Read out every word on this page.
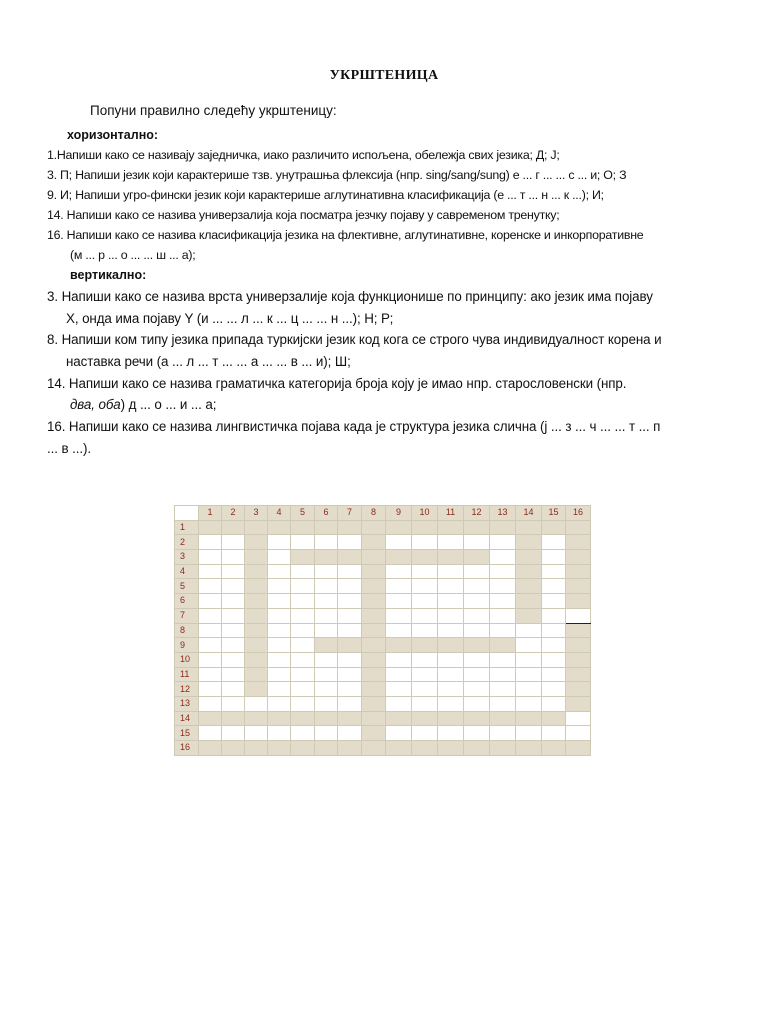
УКРШТЕНИЦА
Попуни правилно следећу укрштеницу:
хоризонтално:
1.Напиши како се називају заједничка, иако различито испољена, обележја свих језика; Д; Ј;
3. П; Напиши језик који карактерише тзв. унутрашња флексија (нпр. sing/sang/sung) е ... г ... ... с ... и; О; З
9. И; Напиши угро-фински језик који карактерише аглутинативна класификација (е ... т ... н ... к ...); И;
14. Напиши како се назива универзалија која посматра језчку појаву у савременом тренутку;
16. Напиши како се назива класификација језика на флективне, аглутинативне, коренске и инкорпоративне
(м ... р ... о ... ... ш ... а);
вертикално:
3. Напиши како се назива врста универзалије која функционише по принципу: ако језик има појаву
X, онда има појаву Y (и ... ... л ... к ... ц ... ... н ...); Н; Р;
8. Напиши ком типу језика припада туркијски језик код кога се строго чува индивидуалност корена и
наставка речи (а ... л ... т ... ... а ... ... в ... и); Ш;
14. Напиши како се назива граматичка категорија броја коју је имао нпр. старословенски (нпр.
два, оба) д ... о ... и ... а;
16. Напиши како се назива лингвистичка појава када је структура језика слична (ј ... з ... ч ... ... т ... п
... в ...).
	1	2	3	4	5	6	7	8	9	10	11	12	13	14	15	16
1																
2																
3																
4																
5																
6																
7																
8																
9																
10																
11																
12																
13																
14																
15																
16																
